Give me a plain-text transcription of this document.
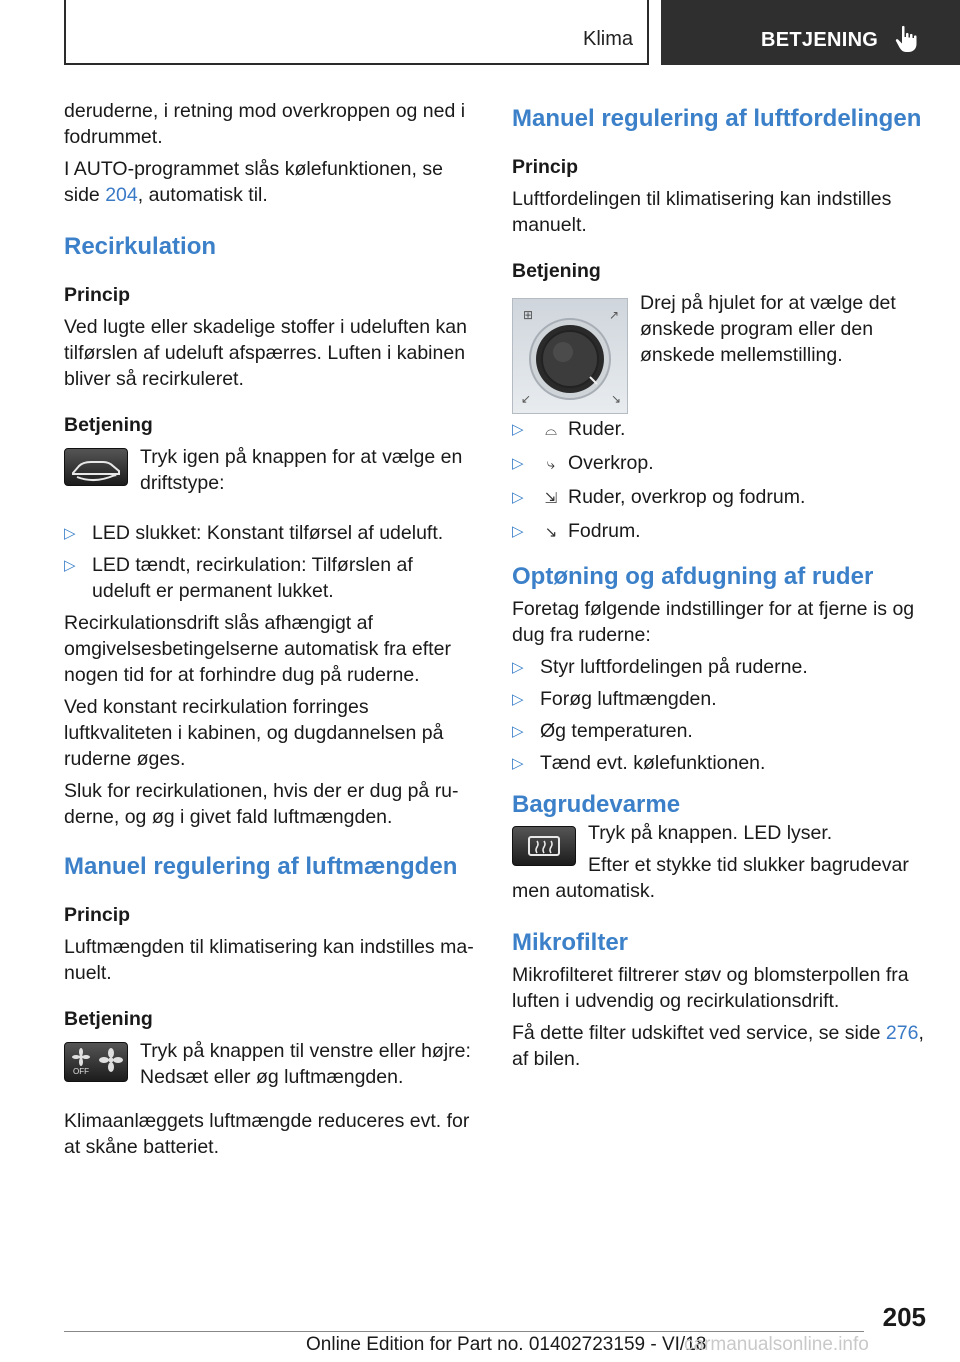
Klima	BETJENING

deruderne, i retning mod overkroppen og ned i fodrummet.

I AUTO-programmet slås kølefunktionen, se side 204, automatisk til.

Recirkulation
Princip

Ved lugte eller skadelige stoffer i udeluften kan tilførslen af udeluft afspærres. Luften i kabinen bliver så recirkuleret.

Betjening

Tryk igen på knappen for at vælge en driftstype:

▷ LED slukket: Konstant tilførsel af udeluft.
▷ LED tændt, recirkulation: Tilførslen af udeluft er permanent lukket.

Recirkulationsdrift slås afhængigt af omgivelsesbetingelserne automatisk fra efter nogen tid for at forhindre dug på ruderne.

Ved konstant recirkulation forringes luftkvaliteten i kabinen, og dugdannelsen på ruderne øges.

Sluk for recirkulationen, hvis der er dug på ruderne, og øg i givet fald luftmængden.

Manuel regulering af luftmængden
Princip

Luftmængden til klimatisering kan indstilles manuelt.

Betjening
OFF

Tryk på knappen til venstre eller højre: Nedsæt eller øg luftmængden.

Klimaanlæggets luftmængde reduceres evt. for at skåne batteriet.

Manuel regulering af luftfordelingen
Princip

Luftfordelingen til klimatisering kan indstilles manuelt.

Betjening
⊞	↗
↙	↘

Drej på hjulet for at vælge det ønskede program eller den ønskede mellemstilling.

▷ ⌓ Ruder.
▷ ⤷ Overkrop.
▷ ⇲ Ruder, overkrop og fodrum.
▷ ↘ Fodrum.
Optøning og afdugning af ruder

Foretag følgende indstillinger for at fjerne is og dug fra ruderne:

▷ Styr luftfordelingen på ruderne.
▷ Forøg luftmængden.
▷ Øg temperaturen.
▷ Tænd evt. kølefunktionen.
Bagrudevarme

Tryk på knappen. LED lyser.

Efter et stykke tid slukker bagrudevar

men automatisk.

Mikrofilter

Mikrofilteret filtrerer støv og blomsterpollen fra luften i udvendig og recirkulationsdrift.

Få dette filter udskiftet ved service, se side 276, af bilen.

205
Online Edition for Part no. 01402723159 - VI/18
carmanualsonline.info
